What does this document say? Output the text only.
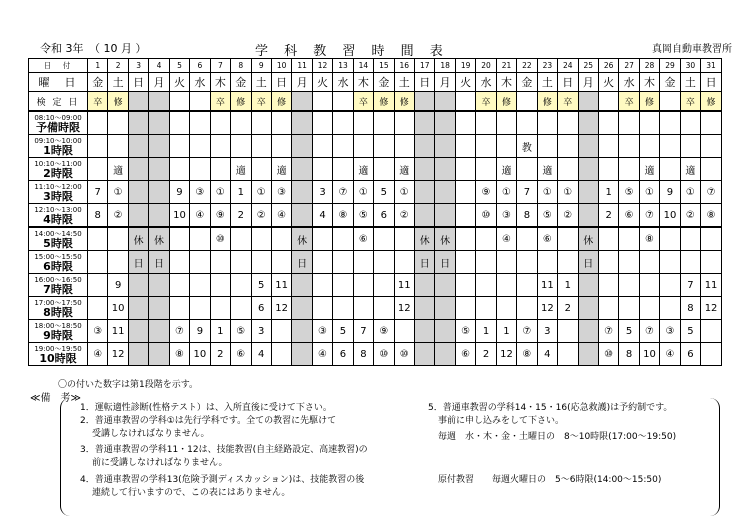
令和 3年　（ 10 月 ）	学 科 教 習 時 間 表	真岡自動車教習所
日　付	1	2	3	4	5	6	7	8	9	10	11	12	13	14	15	16	17	18	19	20	21	22	23	24	25	26	27	28	29	30	31
曜　日	金	土	日	月	火	水	木	金	土	日	月	火	水	木	金	土	日	月	火	水	木	金	土	日	月	火	水	木	金	土	日
検 定 日	卒	修					卒	修	卒	修				卒	修	修				卒	修		修	卒			卒	修		卒	修

08:10～09:00
予備時限																															

09:10～10:00
1時限																						教									

10:10～11:00
2時限		適						適		適				適		適					適		適					適		適	

11:10～12:00
3時限	7	①			9	③	①	1	①	③		3	⑦	①	5	①				⑨	①	7	①	①		1	⑤	①	9	①	⑦

12:10～13:00
4時限	8	②			10	④	⑨	2	②	④		4	⑧	⑤	6	②				⑩	③	8	⑤	②		2	⑥	⑦	10	②	⑧

14:00～14:50
5時限			休	休			⑩				休			⑥			休	休			④		⑥		休			⑧			

15:00～15:50
6時限			日	日							日						日	日							日						

16:00～16:50
7時限		9							5	11						11							11	1						7	11

17:00～17:50
8時限		10							6	12						12							12	2						8	12

18:00～18:50
9時限	③	11			⑦	9	1	⑤	3			③	5	7	⑨				⑤	1	1	⑦	3			⑦	5	⑦	③	5	

19:00～19:50
10時限	④	12			⑧	10	2	⑥	4			④	6	8	⑩	⑩			⑥	2	12	⑧	4			⑩	8	10	④	6	
〇の付いた数字は第1段階を示す。
≪備　考≫
1．運転適性診断(性格テスト）は、入所直後に受けて下さい。
2．普通車教習の学科①は先行学科です。全ての教習に先駆けて
受講しなければなりません。
3．普通車教習の学科11・12は、技能教習(自主経路設定、高速教習)の
前に受講しなければなりません。
4．普通車教習の学科13(危険予測ディスカッション)は、技能教習の後
連続して行いますので、この表にはありません。
5．普通車教習の学科14・15・16(応急救護)は予約制です。
事前に申し込みをして下さい。
毎週　水・木・金・土曜日の　8～10時限(17:00～19:50)
原付教習　　毎週火曜日の　5～6時限(14:00～15:50)
